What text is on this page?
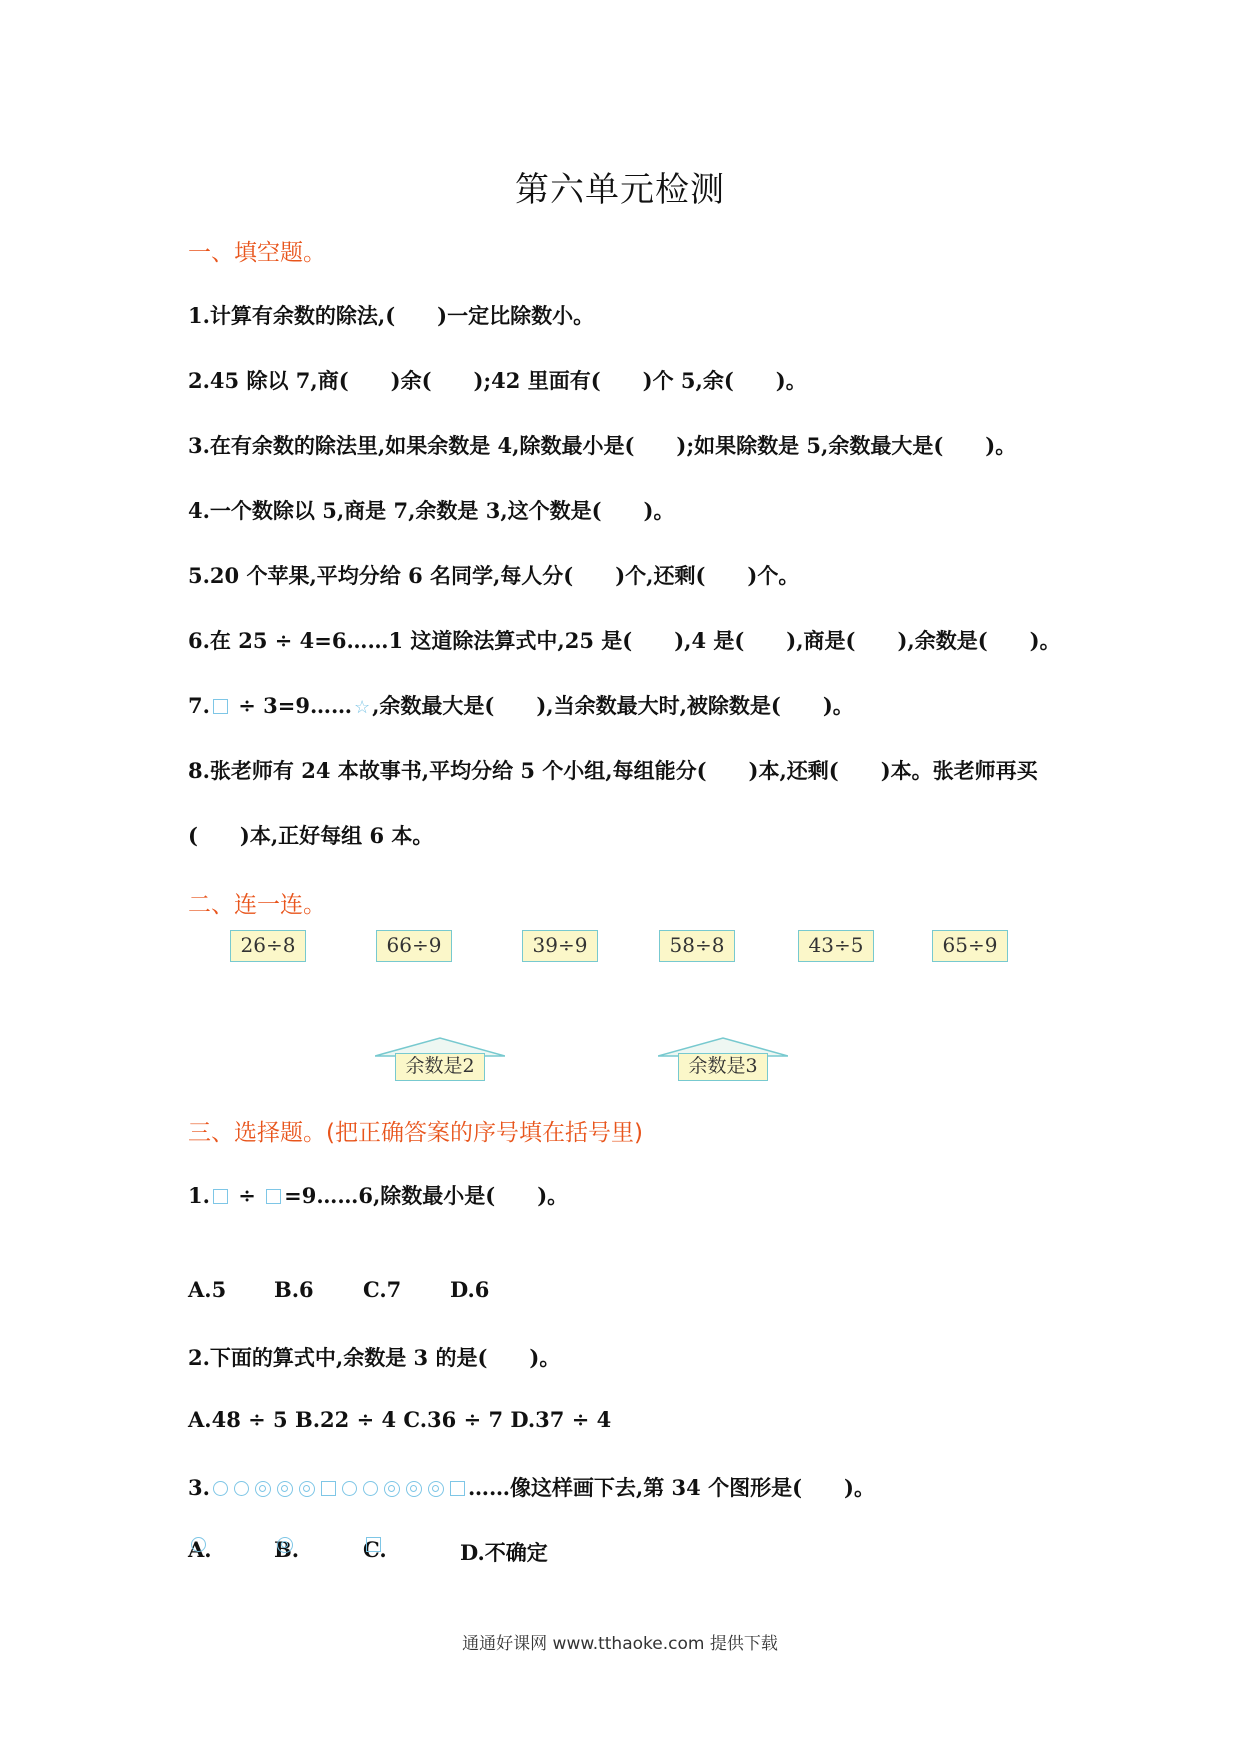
第六单元检测
一、填空题。
1.计算有余数的除法,(　　)一定比除数小。
2.45 除以 7,商(　　)余(　　);42 里面有(　　)个 5,余(　　)。
3.在有余数的除法里,如果余数是 4,除数最小是(　　);如果除数是 5,余数最大是(　　)。
4.一个数除以 5,商是 7,余数是 3,这个数是(　　)。
5.20 个苹果,平均分给 6 名同学,每人分(　　)个,还剩(　　)个。
6.在 25 ÷ 4=6……1 这道除法算式中,25 是(　　),4 是(　　),商是(　　),余数是(　　)。
7. ÷ 3=9…… ☆,余数最大是(　　),当余数最大时,被除数是(　　)。
8.张老师有 24 本故事书,平均分给 5 个小组,每组能分(　　)本,还剩(　　)本。张老师再买
(　　)本,正好每组 6 本。
二、连一连。
26÷8	66÷9	39÷9	58÷8	43÷5	65÷9
余数是2	余数是3
三、选择题。(把正确答案的序号填在括号里)
1. ÷ =9……6,除数最小是(　　)。
A.5 B.6 C.7 D.6
2.下面的算式中,余数是 3 的是(　　)。
A.48 ÷ 5 B.22 ÷ 4 C.36 ÷ 7 D.37 ÷ 4
3.	……像这样画下去,第 34 个图形是(　　)。
A.	B.	C.	D.不确定
通通好课网 www.tthaoke.com 提供下载
